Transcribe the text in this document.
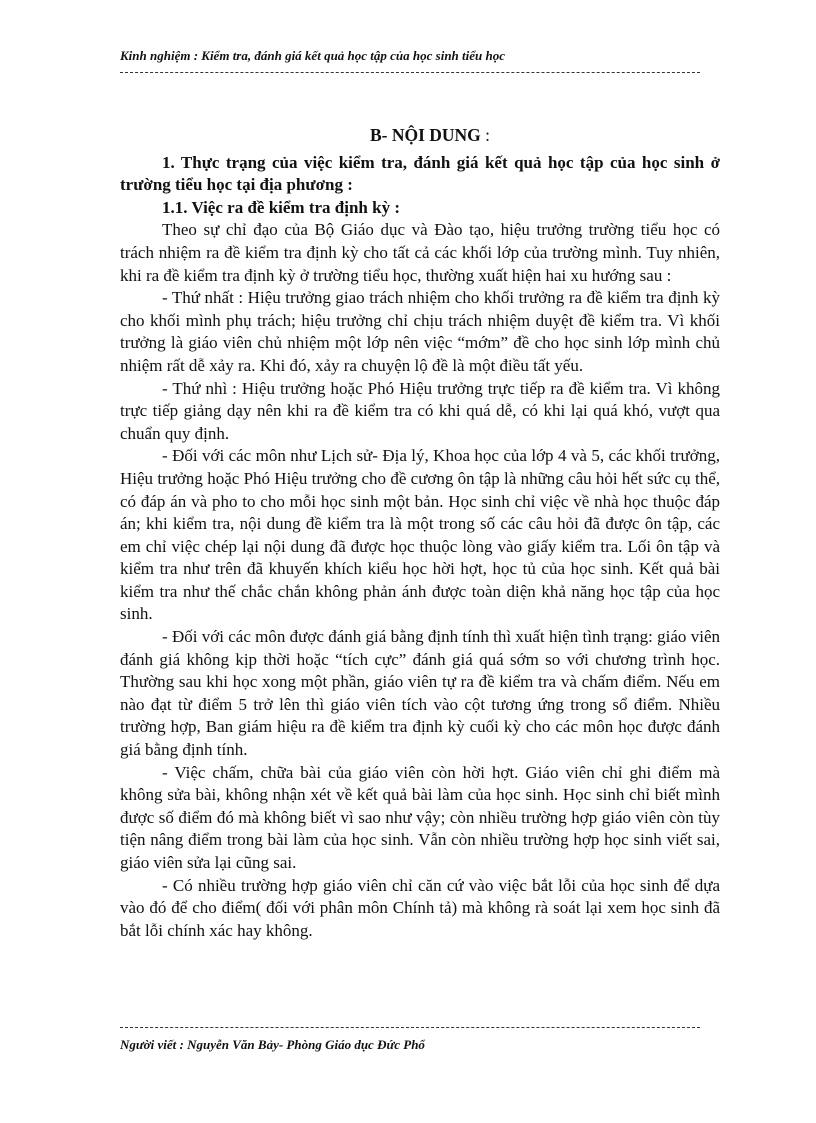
Kinh nghiệm : Kiểm tra, đánh giá kết quả học tập của học sinh tiểu học
B- NỘI DUNG :
1. Thực trạng của việc kiểm tra, đánh giá kết quả học tập của học sinh ở trường tiểu học tại địa phương :
1.1. Việc ra đề kiểm tra định kỳ :
Theo sự chỉ đạo của Bộ Giáo dục và Đào tạo, hiệu trưởng trường tiểu học có trách nhiệm ra đề kiểm tra định kỳ cho tất cả các khối lớp của trường mình. Tuy nhiên, khi ra đề kiểm tra định kỳ ở trường tiểu học, thường xuất hiện hai xu hướng sau :
- Thứ nhất : Hiệu trưởng giao trách nhiệm cho khối trưởng ra đề kiểm tra định kỳ cho khối mình phụ trách; hiệu trưởng chỉ chịu trách nhiệm duyệt đề kiểm tra. Vì khối trưởng là giáo viên chủ nhiệm một lớp nên việc “mớm” đề cho học sinh lớp mình chủ nhiệm rất dễ xảy ra. Khi đó, xảy ra chuyện lộ đề là một điều tất yếu.
- Thứ nhì : Hiệu trưởng hoặc Phó Hiệu trưởng trực tiếp ra đề kiểm tra. Vì không trực tiếp giảng dạy nên khi ra đề kiểm tra có khi quá dễ, có khi lại quá khó, vượt qua chuẩn quy định.
- Đối với các môn như Lịch sử- Địa lý, Khoa học của lớp 4 và 5, các khối trưởng, Hiệu trưởng hoặc Phó Hiệu trưởng cho đề cương ôn tập là những câu hỏi hết sức cụ thể, có đáp án và pho to cho mỗi học sinh một bản. Học sinh chỉ việc về nhà học thuộc đáp án; khi kiểm tra, nội dung đề kiểm tra là một trong số các câu hỏi đã được ôn tập, các em chỉ việc chép lại nội dung đã được học thuộc lòng vào giấy kiểm tra. Lối ôn tập và kiểm tra như trên đã khuyến khích kiểu học hời hợt, học tủ của học sinh. Kết quả bài kiểm tra như thế chắc chắn không phản ánh được toàn diện khả năng học tập của học sinh.
- Đối với các môn được đánh giá bằng định tính thì xuất hiện tình trạng: giáo viên đánh giá không kịp thời hoặc “tích cực” đánh giá quá sớm so với chương trình học. Thường sau khi học xong một phần, giáo viên tự ra đề kiểm tra và chấm điểm. Nếu em nào đạt từ điểm 5 trở lên thì giáo viên tích vào cột tương ứng trong sổ điểm. Nhiều trường hợp, Ban giám hiệu ra đề kiểm tra định kỳ cuối kỳ cho các môn học được đánh giá bằng định tính.
- Việc chấm, chữa bài của giáo viên còn hời hợt. Giáo viên chỉ ghi điểm mà không sửa bài, không nhận xét về kết quả bài làm của học sinh. Học sinh chỉ biết mình được số điểm đó mà không biết vì sao như vậy; còn nhiều trường hợp giáo viên còn tùy tiện nâng điểm trong bài làm của học sinh. Vẫn còn nhiều trường hợp học sinh viết sai, giáo viên sửa lại cũng sai.
- Có nhiều trường hợp giáo viên chỉ căn cứ vào việc bắt lỗi của học sinh để dựa vào đó để cho điểm( đối với phân môn Chính tả) mà không rà soát lại xem học sinh đã bắt lỗi chính xác hay không.
Người viết : Nguyễn Văn Bảy- Phòng Giáo dục Đức Phổ
